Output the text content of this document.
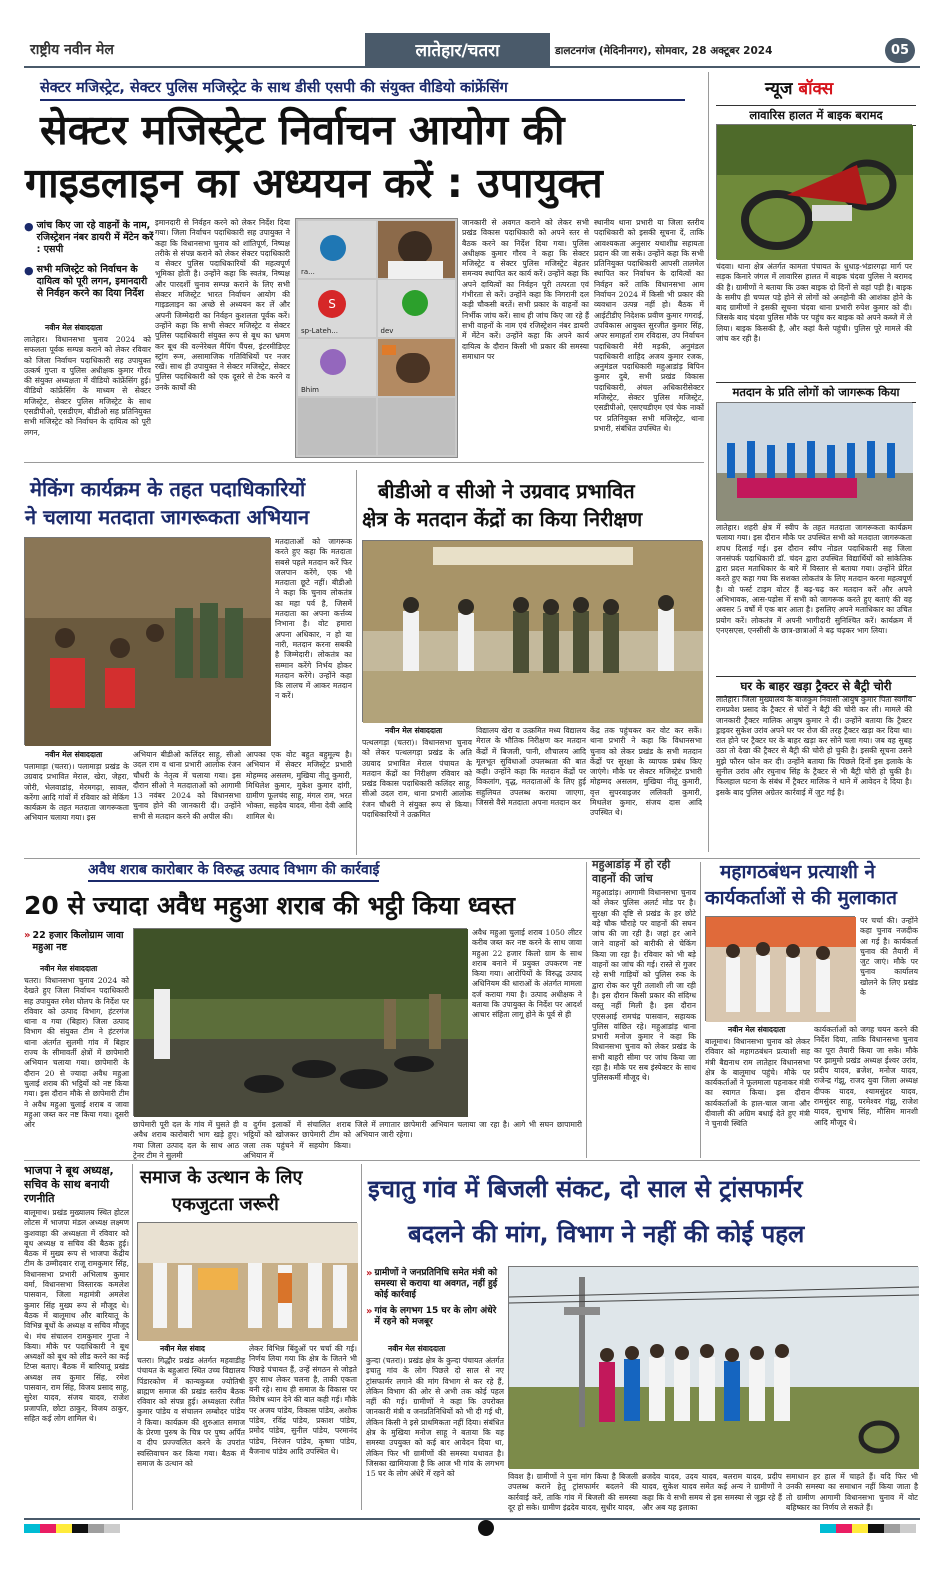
राष्ट्रीय नवीन मेल	लातेहार/चतरा	डालटनगंज (मेदिनीनगर), सोमवार, 28 अक्टूबर 2024	05
सेक्टर मजिस्ट्रेट, सेक्टर पुलिस मजिस्ट्रेट के साथ डीसी एसपी की संयुक्त वीडियो कांफ्रेंसिंग
सेक्टर मजिस्ट्रेट निर्वाचन आयोग की
गाइडलाइन का अध्ययन करें : उपायुक्त
● जांच किए जा रहे वाहनों के नाम, रजिस्ट्रेशन नंबर डायरी में मेंटेन करें : एसपी
● सभी मजिस्ट्रेट को निर्वाचन के दायित्व को पूरी लगन, इमानदारी से निर्वहन करने का दिया निर्देश
नवीन मेल संवाददाता
लातेहार। विधानसभा चुनाव 2024 को सफलता पूर्वक सम्पन्न कराने को लेकर रविवार को जिला निर्वाचन पदाधिकारी सह उपायुक्त उत्कर्ष गुप्ता व पुलिस अधीक्षक कुमार गौरव की संयुक्त अध्यक्षता में वीडियो कांफ्रेंसिंग हुई। वीडियो कांफ्रेंसिंग के माध्यम से सेक्टर मजिस्ट्रेट, सेक्टर पुलिस मजिस्ट्रेट के साथ एसडीपीओ, एसडीएम, बीडीओ सह प्रतिनियुक्त सभी मजिस्ट्रेट को निर्वाचन के दायित्व को पूरी लगन,
इमानदारी से निर्वहन करने को लेकर निर्देश दिया गया। जिला निर्वाचन पदाधिकारी सह उपायुक्त ने कहा कि विधानसभा चुनाव को शांतिपूर्ण, निष्पक्ष तरीके से संपन्न कराने को लेकर सेक्टर पदाधिकारी व सेक्टर पुलिस पदाधिकारियों की महत्वपूर्ण भूमिका होती है। उन्होंने कहा कि स्वतंत्र, निष्पक्ष और पारदर्शी चुनाव सम्पन्न कराने के लिए सभी सेक्टर मजिस्ट्रेट भारत निर्वाचन आयोग की गाइडलाइन का अच्छे से अध्ययन कर लें और अपनी जिम्मेदारी का निर्वहन कुशलता पूर्वक करें। उन्होंने कहा कि सभी सेक्टर मजिस्ट्रेट व सेक्टर पुलिस पदाधिकारी संयुक्त रूप से बूथ का भ्रमण कर बूथ की वल्नेरेबल मैपिंग चैंपस, इंटरमीडिएट स्ट्रांग रूम, असामाजिक गतिविधियों पर नजर रखें। साथ ही उपायुक्त ने सेक्टर मजिस्ट्रेट, सेक्टर पुलिस पदाधिकारी को एक दूसरे से टेक करने व उनके कार्यों की
ra...
S
sp-Lateh...	dev
Bhim
जानकारी से अवगत कराने को लेकर सभी प्रखंड विकास पदाधिकारी को अपने स्तर से बैठक करने का निर्देश दिया गया। पुलिस अधीक्षक कुमार गौरव ने कहा कि सेक्टर मजिस्ट्रेट व सेक्टर पुलिस मजिस्ट्रेट बेहतर समन्वय स्थापित कर कार्य करें। उन्होंने कहा कि अपने दायित्वों का निर्वहन पूरी तत्परता एवं गंभीरता से करें। उन्होंने कहा कि निगरानी दल कड़ी चौकसी बरतें। सभी प्रकार के वाहनों का निर्भीक जांच करें। साथ ही जांच किए जा रहे हैं सभी वाहनों के नाम एवं रजिस्ट्रेशन नंबर डायरी में मेंटेन करें। उन्होंने कहा कि अपने कार्य दायित्व के दौरान किसी भी प्रकार की समस्या समाधान पर
स्थानीय थाना प्रभारी या जिला स्तरीय पदाधिकारी को इसकी सूचना दें, ताकि आवश्यकता अनुसार यथाशीघ्र सहायता प्रदान की जा सके। उन्होंने कहा कि सभी प्रतिनियुक्त पदाधिकारी आपसी तालमेल स्थापित कर निर्वाचन के दायित्वों का निर्वहन करें ताकि विधानसभा आम निर्वाचन 2024 में किसी भी प्रकार की व्यवधान उत्पन्न नहीं हो। बैठक में आईटीडीए निदेशक प्रवीण कुमार गगराई, उपविकास आयुक्त सुरजीत कुमार सिंह, अपर समाहर्ता राम रविदास, उप निर्वाचन पदाधिकारी मेरी मड़की, अनुमंडल पदाधिकारी शाहिद अजय कुमार रजक, अनुमंडल पदाधिकारी महुआडांड़ बिपिन कुमार दुबे, सभी प्रखंड विकास पदाधिकारी, अंचल अधिकारीसेक्टर मजिस्ट्रेट, सेक्टर पुलिस मजिस्ट्रेट, एसडीपीओ, एसएचडीएम एवं चेक नाकों पर प्रतिनियुक्त सभी मजिस्ट्रेट, थाना प्रभारी, संबंधित उपस्थित थे।
न्यूज बॉक्स
लावारिस हालत में बाइक बरामद
चंदवा। थाना क्षेत्र अंतर्गत कामता पंचायत के धुधाड़-भंडारगढ़ा मार्ग पर सड़क किनारे जंगल में लावारिस हालत में बाइक चंदवा पुलिस ने बरामद की है। ग्रामीणों ने बताया कि उक्त बाइक दो दिनों से वहां पड़ी है। बाइक के समीप ही चप्पल पड़े होने से लोगों को अनहोनी की आशंका होने के बाद ग्रामीणों ने इसकी सूचना चंदवा थाना प्रभारी रुपेश कुमार को दी। जिसके बाद चंदवा पुलिस मौके पर पहुंच कर बाइक को अपने कब्जे में ले लिया। बाइक किसकी है, और कहां कैसे पहुंची। पुलिस पूरे मामले की जांच कर रही है।
मतदान के प्रति लोगों को जागरूक किया
लातेहार। शहरी क्षेत्र में स्वीप के तहत मतदाता जागरूकता कार्यक्रम चलाया गया। इस दौरान मौके पर उपस्थित सभी को मतदाता जागरूकता शपथ दिलाई गई। इस दौरान स्वीप नोडल पदाधिकारी सह जिला जनसंपर्क पदाधिकारी डॉ. चंदन द्वारा उपस्थित विद्यार्थियों को सांकेतिक द्वारा प्रदत्त मताधिकार के बारे में विस्तार से बताया गया। उन्होंने प्रेरित करते हुए कहा गया कि सशक्त लोकतंत्र के लिए मतदान करना महत्वपूर्ण है। वो फर्स्ट टाइम वोटर हैं बढ़-चढ़ कर मतदान करें और अपने अभिभावक, आस-पड़ोस में सभी को जागरूक करते हुए बताएं की वह अवसर 5 वर्षों में एक बार आता है। इसलिए अपने मताधिकार का उचित प्रयोग करें। लोकतंत्र में अपनी भागीदारी सुनिश्चित करें। कार्यक्रम में एनएसएस, एनसीसी के छात्र-छात्राओं ने बढ़ चढ़कर भाग लिया।
घर के बाहर खड़ा ट्रैक्टर से बैट्री चोरी
लातेहार। जिला मुख्यालय के बाजकुम निवासी आयुष कुमार पिता स्वर्गीय रामप्रवेश प्रसाद के ट्रैक्टर से चोरों ने बैट्री की चोरी कर ली। मामले की जानकारी ट्रैक्टर मालिक आयुष कुमार ने दी। उन्होंने बताया कि ट्रैक्टर ड्राइवर सुकेश उरांव अपने घर पर रोज की तरह ट्रैक्टर खड़ा कर दिया था। रात होने पर ट्रैक्टर घर के बाहर खड़ा कर सोने चला गया। जब वह सुबह उठा तो देखा की ट्रैक्टर से बैट्री की चोरी हो चुकी है। इसकी सूचना उसने मुझे फौरन फोन कर दी। उन्होंने बताया कि पिछले दिनों इस इलाके के सुनील उरांव और रघुनाथ सिंह के ट्रैक्टर से भी बैट्री चोरी हो चुकी है। फिलहाल घटना के संबंध में ट्रैक्टर मालिक ने थाने में आवेदन दे दिया है। इसके बाद पुलिस अग्रेतर कार्रवाई में जुट गई है।
मेकिंग कार्यक्रम के तहत पदाधिकारियों
ने चलाया मतदाता जागरूकता अभियान
मतदाताओं को जागरूक करते हुए कहा कि मतदाता सबसे पहले मतदान करें फिर जलपान करेंगे, एक भी मतदाता छूटे नहीं। बीडीओ ने कहा कि चुनाव लोकतंत्र का महा पर्व है, जिसमें मतदाता का अपना कर्त्तव्य निभाना है। वोट हमारा अपना अधिकार, न हो या नारी, मतदान करना सबकी है जिम्मेदारी। लोकतंत्र का सम्मान करेंगे निर्भय होकर मतदान करेंगे। उन्होंने कहा कि लालच में आकर मतदान न करें।
नवीन मेल संवाददाता
पलामाड़ा (चतरा)। पलामाड़ा प्रखंड के उग्रवाद प्रभावित मेराल, खेरा, जेहरा, जोरी, भेलवाडांड़, मेरमगढ़ा, सावल, करेंगा आदि गांवों में रविवार को मेकिंग कार्यक्रम के तहत मतदाता जागरूकता अभियान चलाया गया। इस
अभियान बीडीओ कलिंदर साहू, सीओ उदल राम व थाना प्रभारी आलोक रंजन चौधरी के नेतृत्व में चलाया गया। इस दौरान सीओ ने मतदाताओं को आगामी 13 नवंबर 2024 को विधानसभा चुनाव होने की जानकारी दी। उन्होंने सभी से मतदान करने की अपील की।
आपका एक वोट बहुत बहुमूल्य है। अभियान में सेक्टर मजिस्ट्रेट प्रभारी मोहम्मद असलम, मुखिया नीतू कुमारी, मिथिलेश कुमार, मुकेश कुमार दांगी, ग्रामीण फूलचंद साहू, मंगल राम, भरत भोक्ता, सहदेव यादव, मीना देवी आदि शामिल थे।
बीडीओ व सीओ ने उग्रवाद प्रभावित
क्षेत्र के मतदान केंद्रों का किया निरीक्षण
नवीन मेल संवाददाता
पत्थलगड़ा (चतरा)। विधानसभा चुनाव को लेकर पत्थलगड़ा प्रखंड के अति उग्रवाद प्रभावित मेराल पंचायत के मतदान केंद्रों का निरीक्षण रविवार को प्रखंड विकास पदाधिकारी कलिंदर साहू, सीओ उदल राम, थाना प्रभारी आलोक रंजन चौधरी ने संयुक्त रूप से किया। पदाधिकारियों ने उत्क्रमित
विद्यालय खेरा व उत्क्रमित मध्य विद्यालय मेराल के भौतिक निरीक्षण कर मतदान केंद्रों में बिजली, पानी, शौचालय आदि मूलभूत सुविधाओं उपलब्धता की बात कही। उन्होंने कहा कि मतदान केंद्रों पर विकलांग, वृद्ध, मतदाताओं के लिए हुई सहुलियत उपलब्ध कराया जाएगा, जिससे वैसे मतदाता अपना मतदान कर
केंद्र तक पहुंचकर कर वोट कर सकें। थाना प्रभारी ने कहा कि विधानसभा चुनाव को लेकर प्रखंड के सभी मतदान केंद्रों पर सुरक्षा के व्यापक प्रबंध किए जाएंगे। मौके पर सेक्टर मजिस्ट्रेट प्रभारी मोहम्मद असलम, मुखिया नीतू कुमारी, वृत्त सुपरवाइजर ललिवती कुमारी, मिथलेश कुमार, संजय दास आदि उपस्थित थे।
अवैध शराब कारोबार के विरुद्ध उत्पाद विभाग की कार्रवाई
20 से ज्यादा अवैध महुआ शराब की भट्ठी किया ध्वस्त
» 22 हजार किलोग्राम जावा महुआ नष्ट
नवीन मेल संवाददाता
चतरा। विधानसभा चुनाव 2024 को देखते हुए जिला निर्वाचन पदाधिकारी सह उपायुक्त रमेश घोलप के निर्देश पर रविवार को उत्पाद विभाग, हंटरगंज थाना व गया (बिहार) जिला उत्पाद विभाग की संयुक्त टीम ने हंटरगंज थाना अंतर्गत सुलमी गांव में बिहार राज्य के सीमावर्ती क्षेत्रों में छापेमारी अभियान चलाया गया। छापेमारी के दौरान 20 से ज्यादा अवैध महुआ चुलाई शराब की भट्ठियों को नष्ट किया गया। इस दौरान मौके से छापेमारी टीम ने अवैध महुआ चुलाई शराब व जावा महुआ जब्त कर नष्ट किया गया। दूसरी ओर
अवैध महुआ चुलाई शराब 1050 लीटर करीब जब्त कर नष्ट करने के साथ जावा महुआ 22 हजार किलो ग्राम के साथ शराब बनाने में प्रयुक्त उपकरण नष्ट किया गया। आरोपियों के विरुद्ध उत्पाद अधिनियम की धाराओं के अंतर्गत मामला दर्ज कराया गया है। उत्पाद अधीक्षक ने बताया कि उपायुक्त के निर्देश पर आदर्श आचार संहिता लागू होने के पूर्व से ही
छापेमारी पूरी दल के गांव में घुसते ही अवैध शराब कारोबारी भाग खड़े हुए। गया जिला उत्पाद दल के साथ आठ ट्रेनर टीम ने सुलमी
व दुर्गम इलाकों में संचालित शराब भट्ठियों को खोजकर छापेमारी टीम को जला तक पहुंचने में सहयोग किया। अभियान में
जिले में लगातार छापेमारी अभियान चलाया जा रहा है। आगे भी सघन छापामारी अभियान जारी रहेगा।
महुआडांड़ में हो रही वाहनों की जांच
महुआडांड़। आगामी विधानसभा चुनाव को लेकर पुलिस अलर्ट मोड पर है। सुरक्षा की दृष्टि से प्रखंड के हर छोटे बड़े चौक चौराहे पर वाहनों की सघन जांच की जा रही है। जहां हर आने जाने वाहनों को बारीकी से चेकिंग किया जा रहा है। रविवार को भी बड़े वाहनों का जांच की गई। रास्ते से गुजर रहे सभी गाड़ियों को पुलिस रुक के द्वारा रोक कर पूरी तलाशी ली जा रही है। इस दौरान किसी प्रकार की संदिग्ध वस्तु नहीं मिली है। इस दौरान एएसआई रामचंद्र पासवान, सहायक पुलिस वांछित रहे। महुआडांड़ थाना प्रभारी मनोज कुमार ने कहा कि विधानसभा चुनाव को लेकर प्रखंड के सभी बाहरी सीमा पर जांच किया जा रहा है। मौके पर सब इंस्पेक्टर के साथ पुलिसकर्मी मौजूद थे।
महागठबंधन प्रत्याशी ने
कार्यकर्ताओं से की मुलाकात
पर चर्चा की। उन्होंने कहा चुनाव नजदीक आ गई है। कार्यकर्ता चुनाव की तैयारी में जुट जाएं। मौके पर चुनाव कार्यालय खोलने के लिए प्रखंड के
नवीन मेल संवाददाता
बालूमाथ। विधानसभा चुनाव को लेकर रविवार को महागठबंधन प्रत्याशी सह मंत्री बैद्यनाथ राम लातेहार विधानसभा क्षेत्र के बालूमाथ पहुंचे। मौके पर कार्यकर्ताओं ने फूलमाला पहनाकर मंत्री का स्वागत किया। इस दौरान कार्यकर्ताओं के हाल-चाल जाना और दीवाली की अग्रिम बधाई देते हुए मंत्री ने चुनावी स्थिति
कार्यकर्ताओं को जगह चयन करने की निर्देश दिया, ताकि विधानसभा चुनाव का पूरा तैयारी किया जा सके। मौके पर झामुमो प्रखंड अध्यक्ष ईश्वर उरांव, प्रदीप यादव, ब्रजेश, मनोज यादव, राजेन्द्र गंझू, राजद युवा जिला अध्यक्ष दीपक यादव, श्यामसुंदर यादव, रामसुंदर साहू, परमेश्वर गंझू, राजेश यादव, सुभाष सिंह, मौसिम मानशी आदि मौजूद थे।
भाजपा ने बूथ अध्यक्ष, सचिव के साथ बनायी रणनीति
बालूमाथ। प्रखंड मुख्यालय स्थित होटल लोटस में भाजपा मंडल अध्यक्ष लक्ष्मण कुशवाहा की अध्यक्षता में रविवार को बूथ अध्यक्ष व सचिव की बैठक हुई। बैठक में मुख्य रूप से भाजपा केंद्रीय टीम के उम्मीदवार राजू रामकुमार सिंह, विधानसभा प्रभारी अभिलाष कुमार वर्मा, विधानसभा विस्तारक कमलेश पासवान, जिला महामंत्री अमलेश कुमार सिंह मुख्य रूप से मौजूद थे। बैठक में बालूमाथ और बारियातू के विभिन्न बूथों के अध्यक्ष व सचिव मौजूद थे। मंच संचालन रामकुमार गुप्ता ने किया। मौके पर पदाधिकारी ने बूथ अध्यक्षों को बूथ को लीड करने का कई टिप्स बताए। बैठक में बारियातू प्रखंड अध्यक्ष लव कुमार सिंह, रमेश पासवान, राम सिंह, विजय प्रसाद साहू, सुरेश यादव, संजय यादव, राजेश प्रजापति, छोटा ठाकुर, विजय ठाकुर, सहित कई लोग शामिल थे।
समाज के उत्थान के लिए
एकजुटता जरूरी
नवीन मेल संवाद
चतरा। गिद्धौर प्रखंड अंतर्गत महवाडीह पंचायत के बहुआरा स्थित उच्च विद्यालय पिंडारकोण में कान्यकुब्ज ज्योतिषी ब्राह्मण समाज की प्रखंड स्तरीय बैठक रविवार को संपन्न हुई। अध्यक्षता रंजीत कुमार पांडेय व संचालन लम्बोदर पांडेय ने किया। कार्यक्रम की शुरुआत समाज के प्रेरणा पुरुष के चित्र पर पुष्प अर्पित व दीप प्रज्ज्वलित करने के उपरांत स्वस्तिवाचन कर किया गया। बैठक में समाज के उत्थान को
लेकर विभिन्न बिंदुओं पर चर्चा की गई। निर्णय लिया गया कि क्षेत्र के जितने भी पिछड़े पंचायत हैं, उन्हें संगठन से जोड़ते हुए साथ लेकर चलना है, ताकी एकता बनी रहे। साथ ही समाज के विकास पर विशेष ध्यान देने की बात कही गई। मौके पर अजय पांडेय, विकास पांडेय, अशोक पांडेय, रविंद्र पांडेय, प्रकाश पांडेय, प्रमोद पांडेय, सुनील पांडेय, परमानंद पांडेय, निरंजन पांडेय, कृष्णा पांडेय, बैजनाथ पांडेय आदि उपस्थित थे।
इचातु गांव में बिजली संकट, दो साल से ट्रांसफार्मर
बदलने की मांग, विभाग ने नहीं की कोई पहल
» ग्रामीणों ने जनप्रतिनिधि समेत मंत्री को समस्या से कराया था अवगत, नहीं हुई कोई कार्रवाई
» गांव के लगभग 15 घर के लोग अंधेरे में रहने को मजबूर
नवीन मेल संवाददाता
कुन्दा (चतरा)। प्रखंड क्षेत्र के कुन्दा पंचायत अंतर्गत इचातु गांव के लोग पिछले दो साल से नए ट्रांसफार्मर लगाने की मांग विभाग से कर रहे हैं, लेकिन विभाग की ओर से अभी तक कोई पहल नहीं की गई। ग्रामीणों ने कहा कि उपरोक्त जानकारी मंत्री व जनप्रतिनिधियों को भी दी गई थी, लेकिन किसी ने इसे प्राथमिकता नहीं दिया। संबंधित क्षेत्र के मुखिया मनोज साहू ने बताया कि यह समस्या उपयुक्त को कई बार आवेदन दिया था, लेकिन फिर भी ग्रामीणों की समस्या यथावत है। जिसका खामियाजा है कि आज भी गांव के लगभग 15 घर के लोग अंधेरे में रहने को	विवश है। ग्रामीणों ने पुनः मांग किया है बिजली उपलब्ध कराने हेतु ट्रांसफार्मर बदलने की कार्रवाई करें, ताकि गांव में बिजली की समस्या दूर हो सके। ग्रामीण इंद्रदेव यादव, सुधीर यादव,
ब्रजदेव यादव, उदय यादव, बलराम यादव, प्रदीप यादव, सुकेश यादव समेत कई अन्य ने ग्रामीणों ने कहा कि वे सभी समय से इस समस्या से जूझ रहे हैं और अब यह इलाका
समाधान हर हाल में चाहते हैं। यदि फिर भी उनकी समस्या का समाधान नहीं किया जाता है तो ग्रामीण आगामी विधानसभा चुनाव में वोट बहिष्कार का निर्णय ले सकते हैं।
